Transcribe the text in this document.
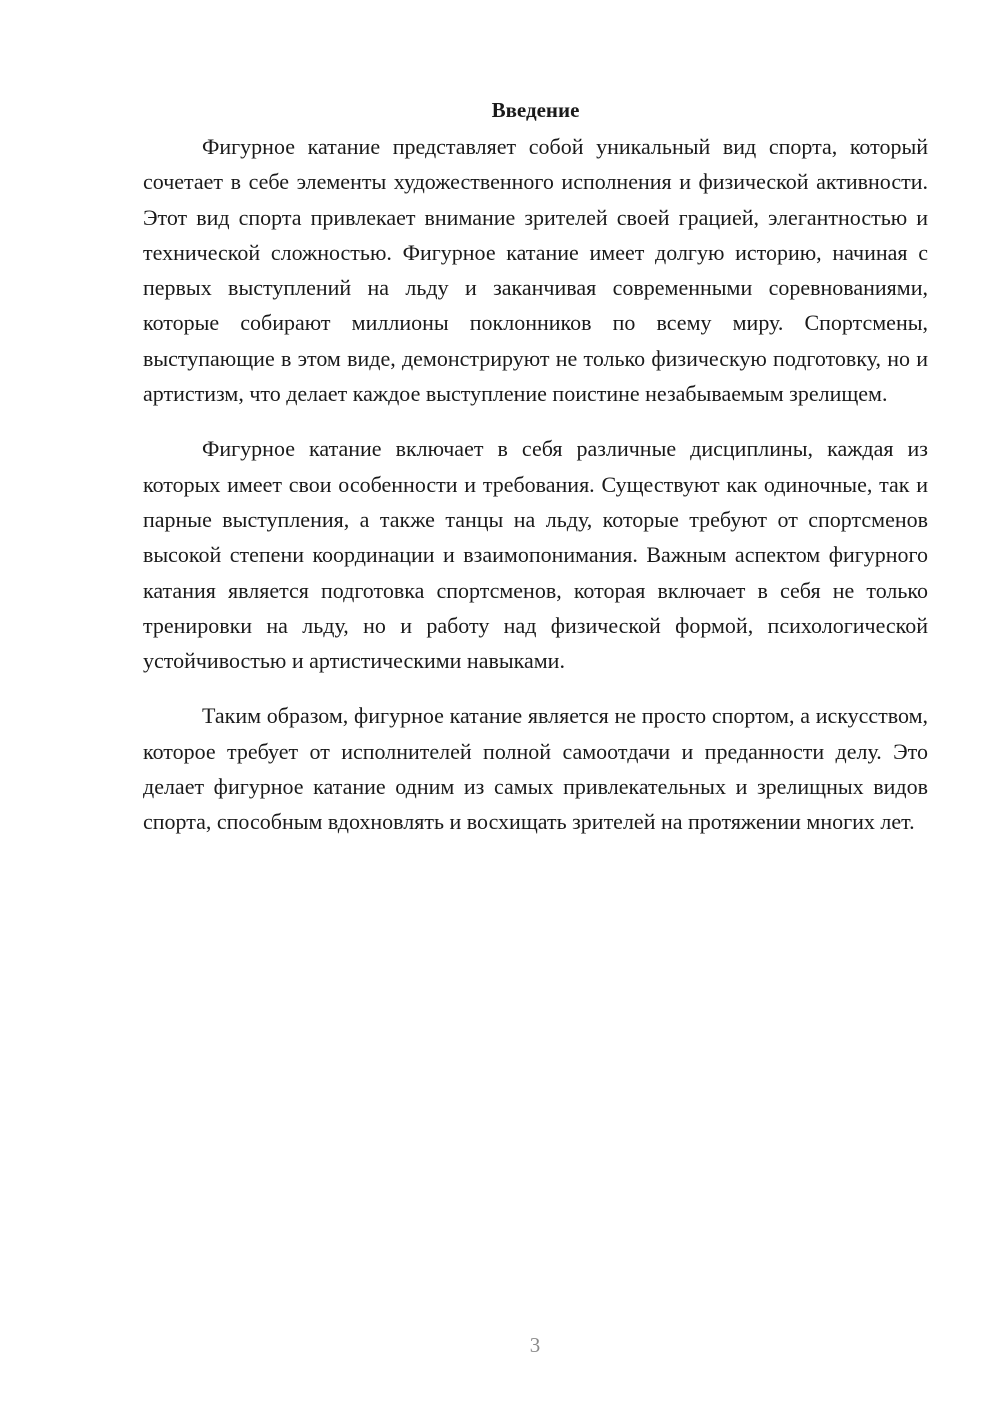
Введение

Фигурное катание представляет собой уникальный вид спорта, который сочетает в себе элементы художественного исполнения и физической активности. Этот вид спорта привлекает внимание зрителей своей грацией, элегантностью и технической сложностью. Фигурное катание имеет долгую историю, начиная с первых выступлений на льду и заканчивая современными соревнованиями, которые собирают миллионы поклонников по всему миру. Спортсмены, выступающие в этом виде, демонстрируют не только физическую подготовку, но и артистизм, что делает каждое выступление поистине незабываемым зрелищем.

Фигурное катание включает в себя различные дисциплины, каждая из которых имеет свои особенности и требования. Существуют как одиночные, так и парные выступления, а также танцы на льду, которые требуют от спортсменов высокой степени координации и взаимопонимания. Важным аспектом фигурного катания является подготовка спортсменов, которая включает в себя не только тренировки на льду, но и работу над физической формой, психологической устойчивостью и артистическими навыками.

Таким образом, фигурное катание является не просто спортом, а искусством, которое требует от исполнителей полной самоотдачи и преданности делу. Это делает фигурное катание одним из самых привлекательных и зрелищных видов спорта, способным вдохновлять и восхищать зрителей на протяжении многих лет.

3
